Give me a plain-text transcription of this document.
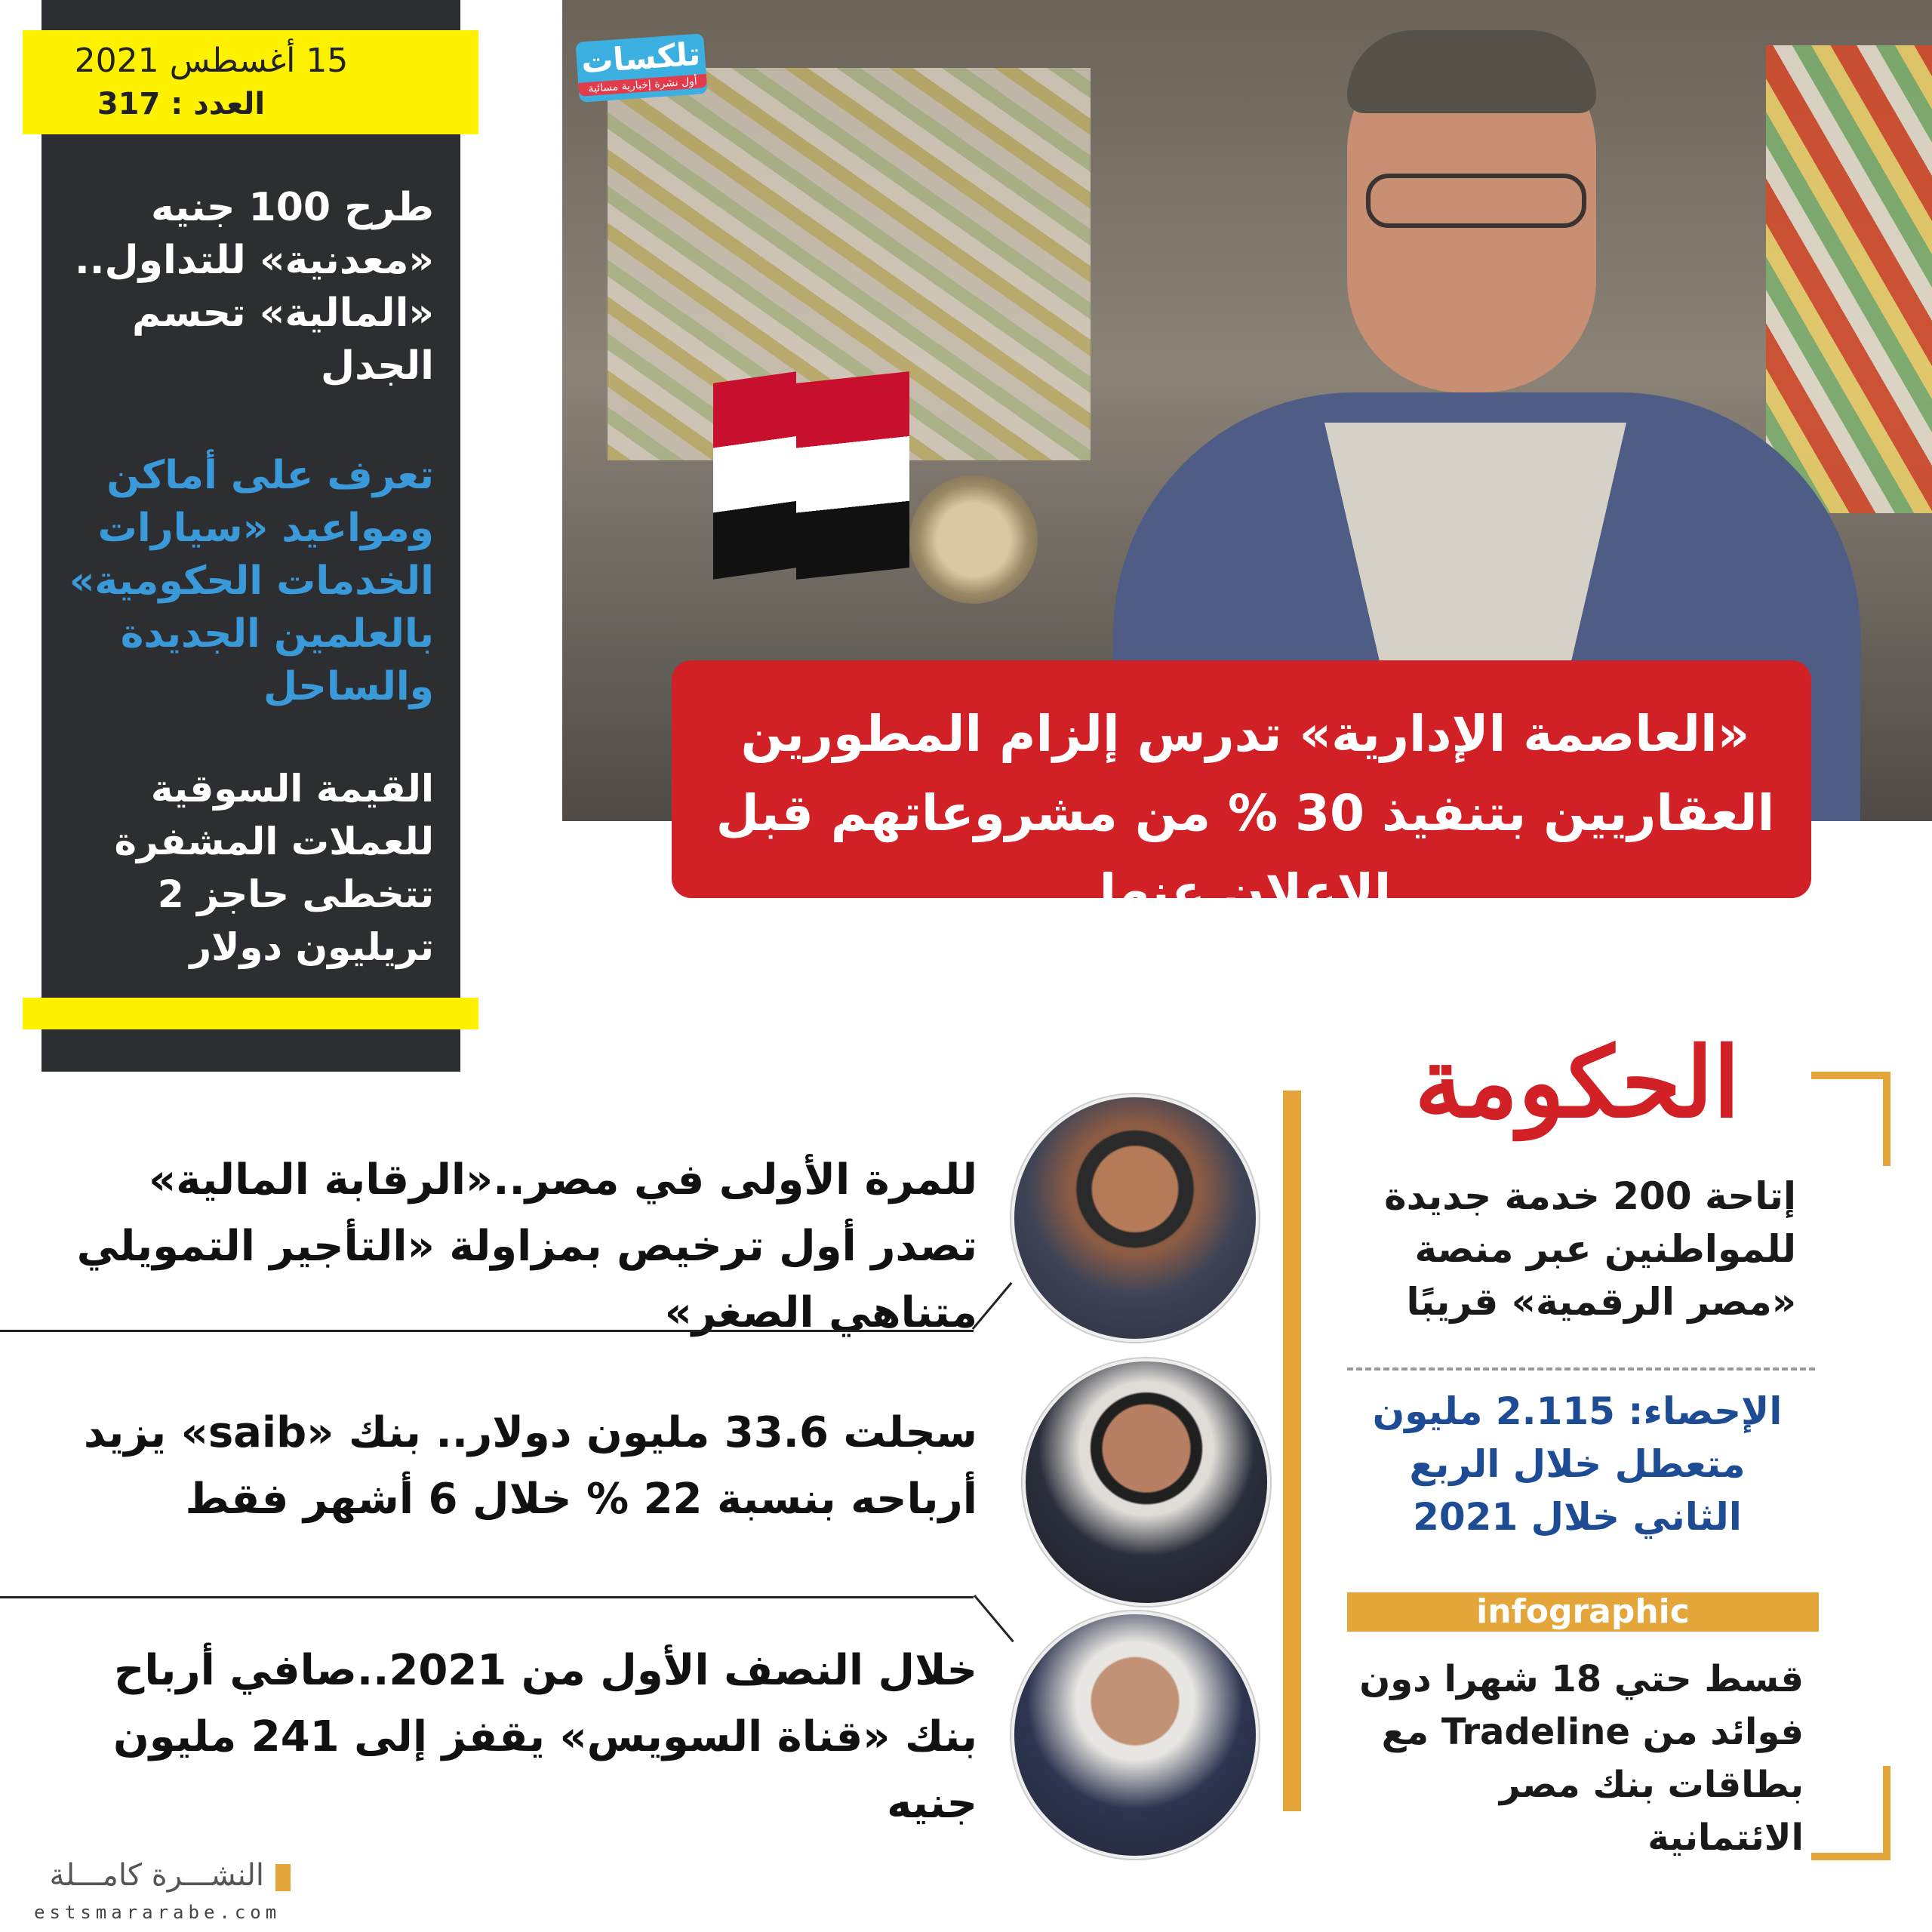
15 أغسطس 2021
العدد : 317
طرح 100 جنيه «معدنية» للتداول.. «المالية» تحسم الجدل
تعرف على أماكن ومواعيد «سيارات الخدمات الحكومية» بالعلمين الجديدة والساحل
القيمة السوقية للعملات المشفرة تتخطى حاجز 2 تريليون دولار
تلكسات
أول نشرة إخبارية مسائية
«العاصمة الإدارية» تدرس إلزام المطورين العقاريين بتنفيذ 30 % من مشروعاتهم قبل الإعلان عنها
الحكومة
إتاحة 200 خدمة جديدة للمواطنين عبر منصة «مصر الرقمية» قريبًا
الإحصاء: 2.115 مليون متعطل خلال الربع الثاني خلال 2021
infographic
قسط حتي 18 شهرا دون فوائد من Tradeline مع بطاقات بنك مصر الائتمانية
للمرة الأولى في مصر..«الرقابة المالية» تصدر أول ترخيص بمزاولة «التأجير التمويلي متناهي الصغر»
سجلت 33.6 مليون دولار.. بنك «saib» يزيد أرباحه بنسبة 22 % خلال 6 أشهر فقط
خلال النصف الأول من 2021..صافي أرباح بنك «قناة السويس» يقفز إلى 241 مليون جنيه
النشـــرة كامـــلة
estsmararabe.com
